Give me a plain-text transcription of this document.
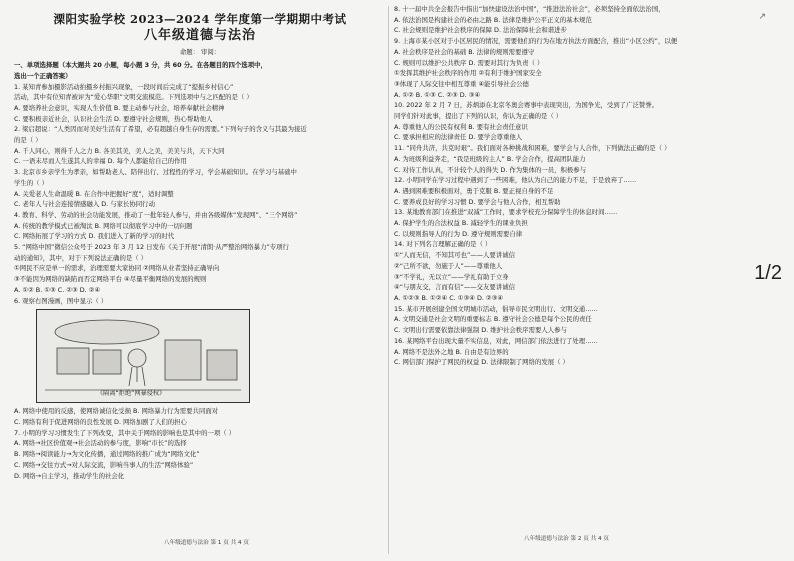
↗
1/2
溧阳实验学校 2023—2024 学年度第一学期期中考试
八年级道德与法治
命题： 审阅：
一、单项选择题（本大题共 20 小题，每小题 3 分，共 60 分。在各题目的四个选项中，
选出一个正确答案）
1. 某知青参加摄影活动拍摄乡村振兴现象，一段时间后完成了“提振乡村信心”
活动，其中有位知青被评为“爱心华职”文明交流模范。下列选项中与之匹配的是（ ）
A. 要培养社会意识，实现人生价值 B. 要主动参与社会，培养奉献社会精神
C. 要积极亲近社会，认识社会生活 D. 要遵守社会规则，热心帮助他人
2. 梁启超说：“人类因而对美好生活有了希望，必有超越自身生存的需要。”下列句子的含义与其最为接近
的是（ ）
A. 千人同心，则得千人之力 B. 各美其美，美人之美，美美与共，天下大同
C. 一语未尽而人生遂其人的幸福 D. 每个人都能给自己的作用
3. 北京市乡亲学生为孝亲，如帮助老人、陪伴出行、过程性的学习，学会基础知识。在学习与基础中
学生的（ ）
A. 关爱老人生命温暖 B. 在合作中把握好“度”，适时调整
C. 老年人与社会连接情感融入 D. 与家长协同行动
4. 教育、科学、劳动的社会功能发展，推动了一批年轻人参与，并由各级媒体“发现网”、“三个网络”
A. 传统的教学模式已被淘汰 B. 网络可以彻底学习中的一切问题
C. 网络拓展了学习的方式 D. 我们进入了新的学习的时代
5. “网络中国”微信公众号于 2023 年 3 月 12 日发布《关于开展“清朗·从严整治网络暴力”专项行
动的通知》，其中，对于下列说法正确的是（ ）
①网民不应是单一的需求，治理需要大家协同 ②网络从业者坚持正确导向
③不能因为网络的缺陷而否定网络平台 ④尽量平衡网络的发展的规则
A. ①② B. ①③ C. ②③ D. ②④
6. 观察右图漫画，图中显示（ ）
《隔离“拒绝”网暴侵权》
A. 网络中使用的反感，使网络诚信化受损 B. 网络暴力行为需要共同面对
C. 网络有利于促进网络的良性发展 D. 网络加剧了人们的担心
7. 小明的学习习惯发生了下列改变，其中关于网络的影响也是其中的一项（ ）
A. 网络→社区价值观→社会活动的参与度，影响“市长”的选择
B. 网络→阅读能力→为文化传播，通过网络的推广成为“网络文化”
C. 网络→交往方式→对人际交流，影响当事人的生活“网络体验”
D. 网络→自主学习，推动学生的社会化
八年级道德与法治 第 1 页 共 4 页
8. 十一届中共全会报告中指出“加快建设法治中国”，“推进法治社会”，必须坚持全面依法治国，
A. 依法治国是构建社会的必由之路 B. 法律是维护公平正义的基本规范
C. 社会规则是维护社会秩序的保障 D. 法治保障社会和谐进步
9. 上海市某小区对于小区居民的情况，需要他们的行为在地方执法方面配合，推出“小区公约”，以便
A. 社会秩序是社会的基础 B. 法律的规则需要遵守
C. 规则可以维护公共秩序 D. 需要对其行为负责（ ）
①发挥其维护社会秩序的作用 ②有利于维护国家安全
③体现了人际交往中相互尊重 ④能引导社会公德
A. ①② B. ①③ C. ②③ D. ③④
10. 2022 年 2 月 7 日，苏炳添在北京冬奥会赛事中表现突出，为国争光，受到了广泛赞誉。
同学们针对此事，提出了下列的认识，你认为正确的是（ ）
A. 尊重他人的公民有权利 B. 要有社会责任意识
C. 要承担相应的法律责任 D. 要学会尊重他人
11. “同舟共济，共克时艰”。我们面对各种挑战和困难，要学会与人合作，下列做法正确的是（ ）
A. 为班级利益奔走，“我是班级的主人” B. 学会合作，提高团队能力
C. 对待工作认真，不计较个人的得失 D. 作为集体的一员，积极参与
12. 小明同学在学习过程中遇到了一些困难，他认为自己的能力不足，于是放弃了……
A. 遇到困难要积极面对，勇于克服 B. 要正视自身的不足
C. 要养成良好的学习习惯 D. 要学会与他人合作，相互帮助
13. 某地教育部门在推进“双减”工作时，要求学校充分保障学生的休息时间……
A. 保护学生的合法权益 B. 减轻学生的课业负担
C. 以规则指导人的行为 D. 遵守规则需要自律
14. 对下列名言理解正确的是（ ）
①“人而无信，不知其可也”——人要讲诚信
②“己所不欲，勿施于人”——尊重他人
③“不学礼，无以立”——学礼有助于立身
④“与朋友交，言而有信”——交友要讲诚信
A. ①②③ B. ①②④ C. ①③④ D. ②③④
15. 某市开展创建全国文明城市活动，倡导市民文明出行、文明交通……
A. 文明交通是社会文明的重要标志 B. 遵守社会公德是每个公民的责任
C. 文明出行需要依靠法律强制 D. 维护社会秩序需要人人参与
16. 某网络平台出现大量不实信息，对此，网信部门依法进行了处理……
A. 网络不是法外之地 B. 自由是有边界的
C. 网信部门保护了网民的权益 D. 法律限制了网络的发展（ ）
八年级道德与法治 第 2 页 共 4 页
